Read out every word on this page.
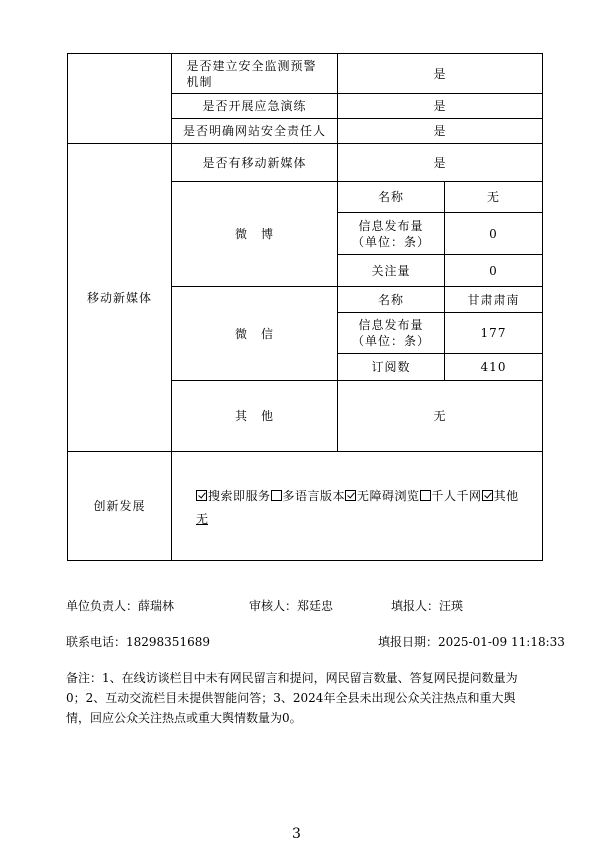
是否建立安全监测预警机制
是
是否开展应急演练	是
是否明确网站安全责任人	是
移动新媒体
是否有移动新媒体	是
微　博
名称	无
信息发布量
（单位：条）
0
关注量	0
微　信
名称	甘肃肃南
信息发布量
（单位：条）
177
订阅数	410
其　他	无
创新发展
搜索即服务 多语言版本 无障碍浏览 千人千网 其他
无
单位负责人：薛瑞林	审核人：郑廷忠	填报人：汪瑛
联系电话：18298351689	填报日期：2025-01-09 11:18:33
备注：1、在线访谈栏目中未有网民留言和提问，网民留言数量、答复网民提问数量为0；2、互动交流栏目未提供智能问答；3、2024年全县未出现公众关注热点和重大舆情，回应公众关注热点或重大舆情数量为0。
3
